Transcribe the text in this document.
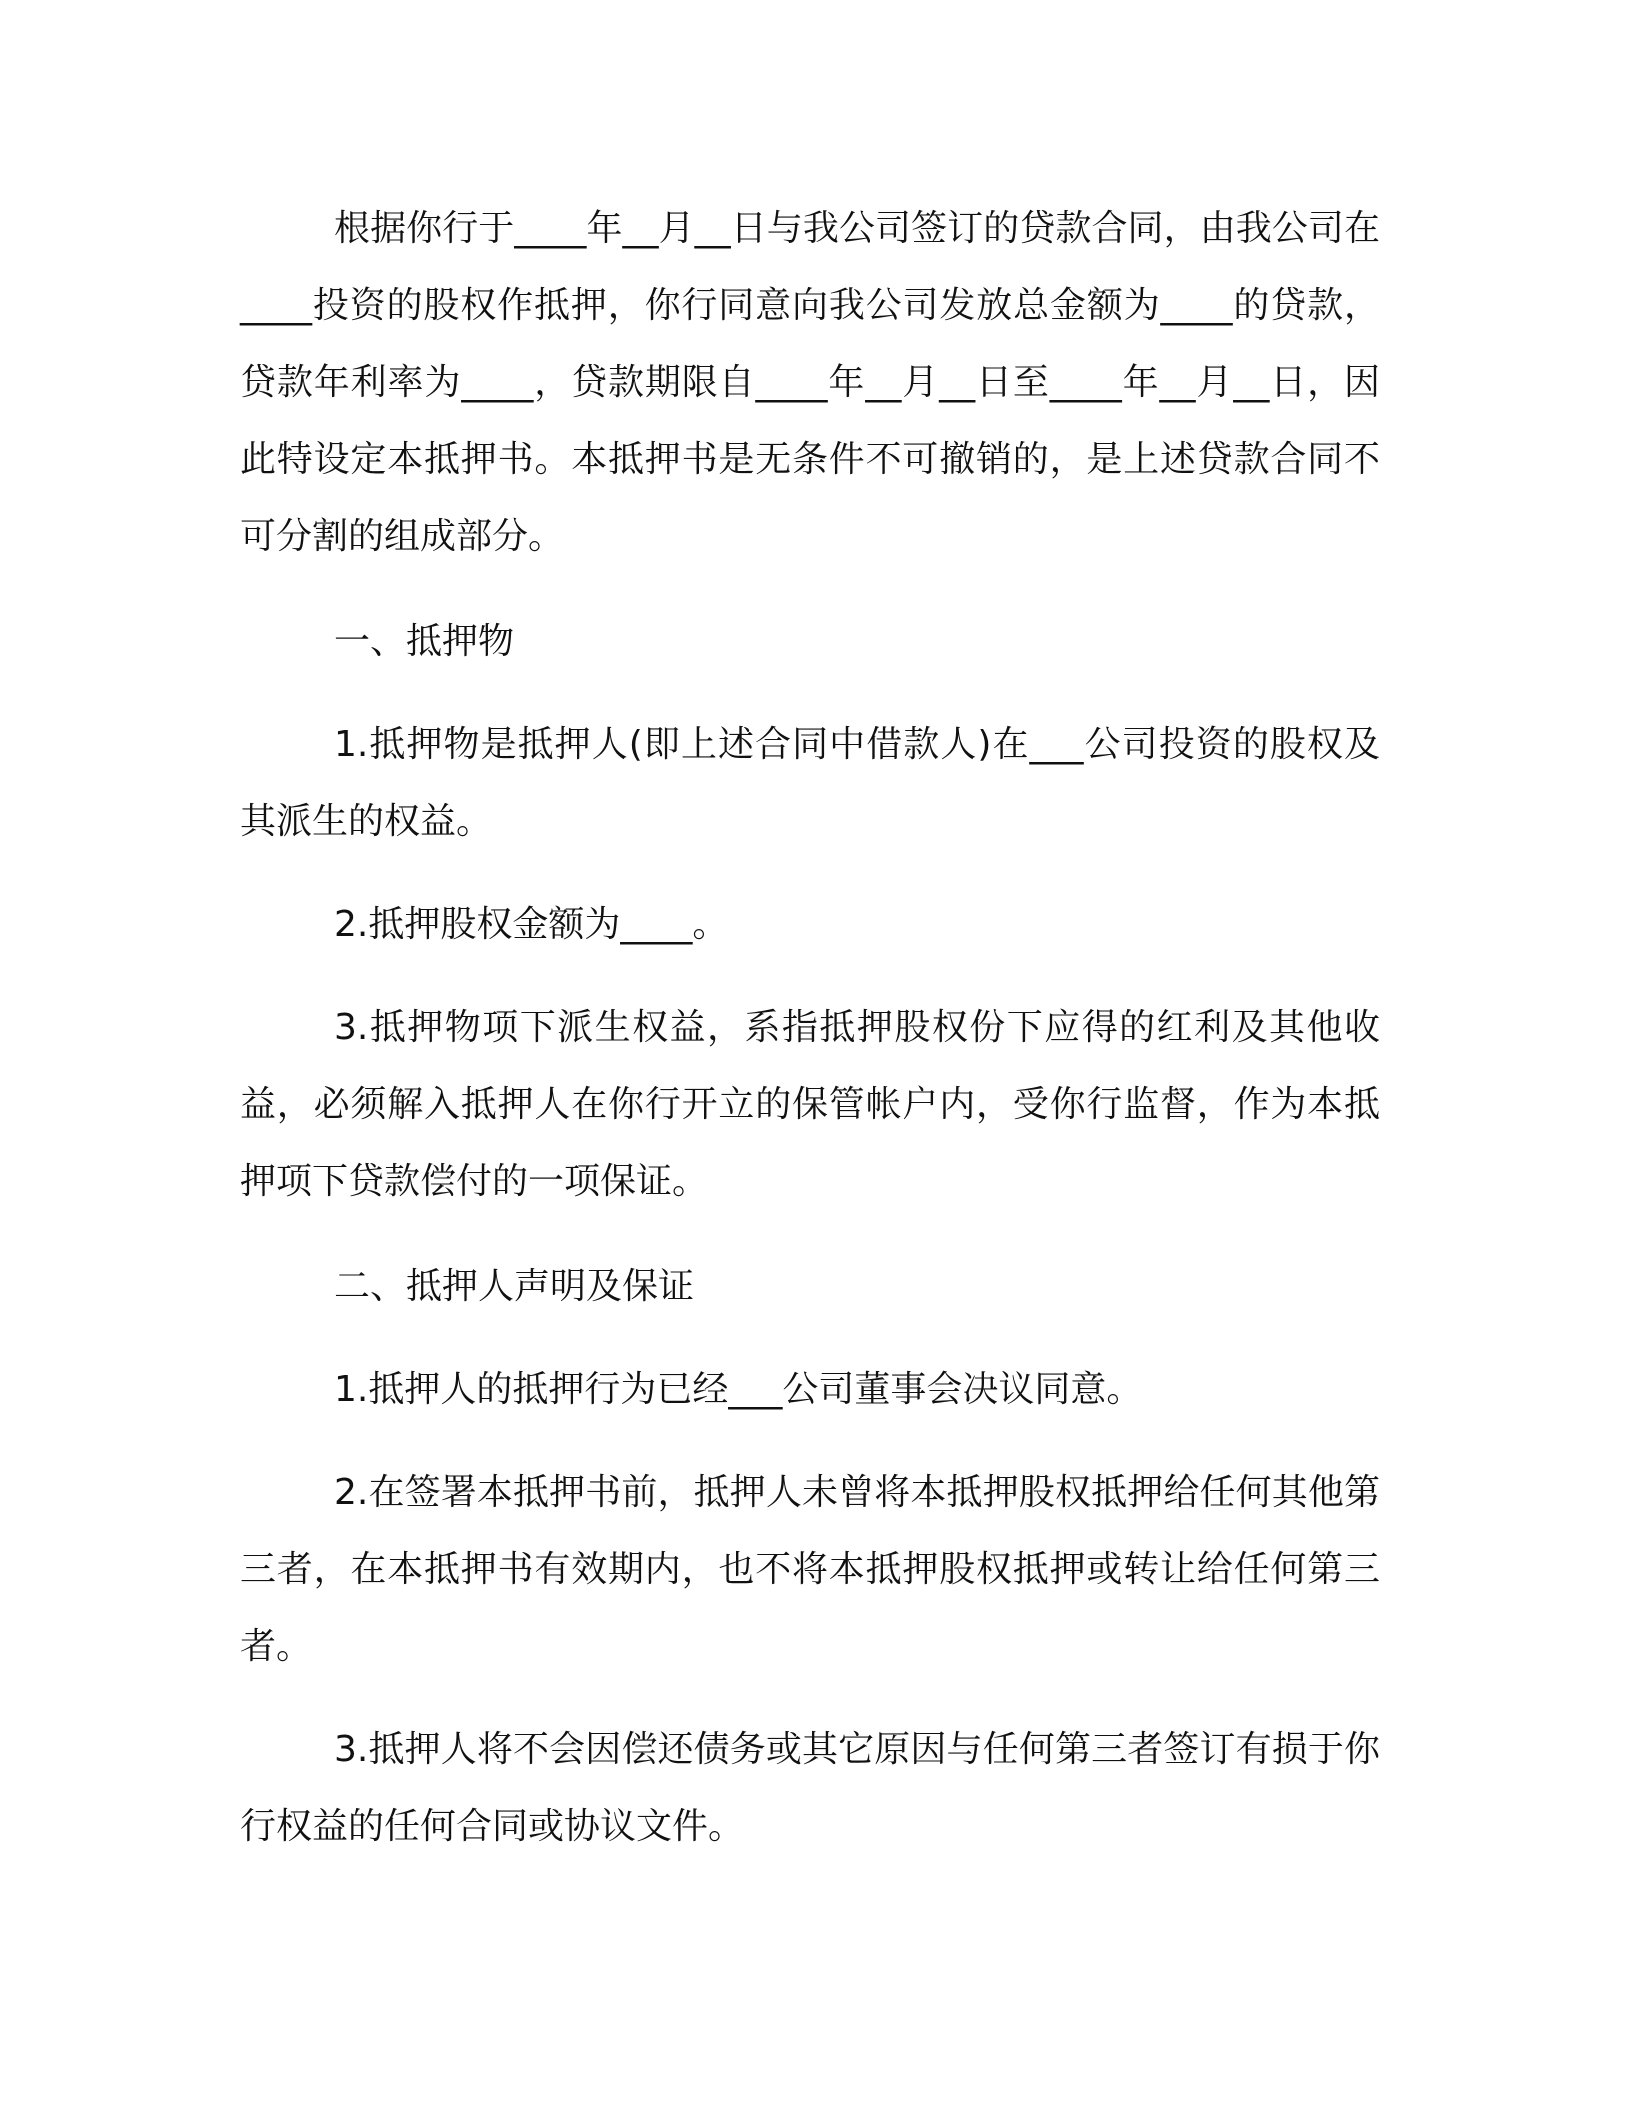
根据你行于____年__月__日与我公司签订的贷款合同，由我公司在____投资的股权作抵押，你行同意向我公司发放总金额为____的贷款，贷款年利率为____，贷款期限自____年__月__日至____年__月__日，因此特设定本抵押书。本抵押书是无条件不可撤销的，是上述贷款合同不可分割的组成部分。

一、抵押物

1.抵押物是抵押人(即上述合同中借款人)在___公司投资的股权及其派生的权益。

2.抵押股权金额为____。

3.抵押物项下派生权益，系指抵押股权份下应得的红利及其他收益，必须解入抵押人在你行开立的保管帐户内，受你行监督，作为本抵押项下贷款偿付的一项保证。

二、抵押人声明及保证

1.抵押人的抵押行为已经___公司董事会决议同意。

2.在签署本抵押书前，抵押人未曾将本抵押股权抵押给任何其他第三者，在本抵押书有效期内，也不将本抵押股权抵押或转让给任何第三者。

3.抵押人将不会因偿还债务或其它原因与任何第三者签订有损于你行权益的任何合同或协议文件。
